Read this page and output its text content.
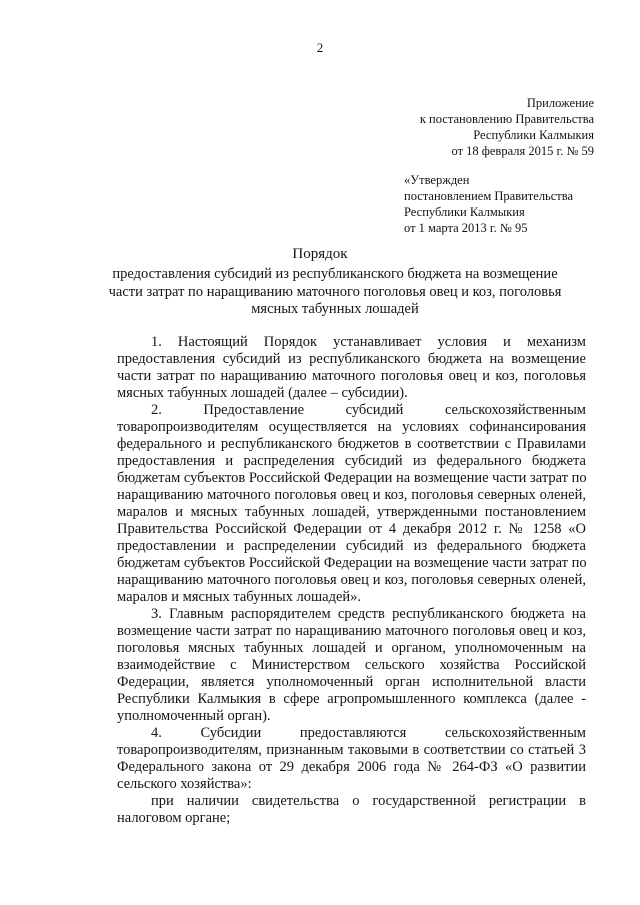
2
Приложение
к постановлению Правительства
Республики Калмыкия
от 18 февраля 2015 г. № 59
«Утвержден
постановлением Правительства
Республики Калмыкия
от 1 марта 2013 г. № 95
Порядок
предоставления субсидий из республиканского бюджета на возмещение
части затрат по наращиванию маточного поголовья овец и коз, поголовья
мясных табунных лошадей
1. Настоящий Порядок устанавливает условия и механизм
предоставления субсидий из республиканского бюджета на возмещение
части затрат по наращиванию маточного поголовья овец и коз, поголовья
мясных табунных лошадей (далее – субсидии).
2. Предоставление субсидий сельскохозяйственным
товаропроизводителям осуществляется на условиях софинансирования
федерального и республиканского бюджетов в соответствии с Правилами
предоставления и распределения субсидий из федерального бюджета
бюджетам субъектов Российской Федерации на возмещение части затрат по
наращиванию маточного поголовья овец и коз, поголовья северных оленей,
маралов и мясных табунных лошадей, утвержденными постановлением
Правительства Российской Федерации от 4 декабря 2012 г. № 1258 «О
предоставлении и распределении субсидий из федерального бюджета
бюджетам субъектов Российской Федерации на возмещение части затрат по
наращиванию маточного поголовья овец и коз, поголовья северных оленей,
маралов и мясных табунных лошадей».
3. Главным распорядителем средств республиканского бюджета на
возмещение части затрат по наращиванию маточного поголовья овец и коз,
поголовья мясных табунных лошадей и органом, уполномоченным на
взаимодействие с Министерством сельского хозяйства Российской
Федерации, является уполномоченный орган исполнительной власти
Республики Калмыкия в сфере агропромышленного комплекса (далее -
уполномоченный орган).
4. Субсидии предоставляются сельскохозяйственным
товаропроизводителям, признанным таковыми в соответствии со статьей 3
Федерального закона от 29 декабря 2006 года № 264-ФЗ «О развитии
сельского хозяйства»:
при наличии свидетельства о государственной регистрации в
налоговом органе;
